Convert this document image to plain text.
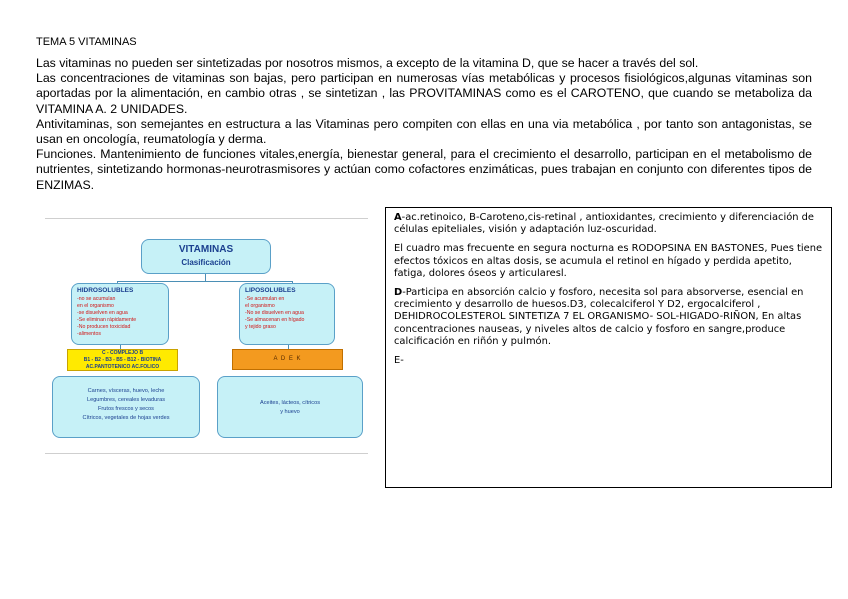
TEMA 5 VITAMINAS

Las vitaminas no pueden ser sintetizadas por nosotros mismos, a excepto de la vitamina D, que se hacer a través del sol.

Las concentraciones de vitaminas son bajas, pero participan en numerosas vías metabólicas y procesos fisiológicos,algunas vitaminas son aportadas por la alimentación, en cambio otras , se sintetizan , las PROVITAMINAS como es el CAROTENO, que cuando se metaboliza da VITAMINA A. 2 UNIDADES.

Antivitaminas, son semejantes en estructura a las Vitaminas pero compiten con ellas en una via metabólica , por tanto son antagonistas, se usan en oncología, reumatología y derma.

Funciones. Mantenimiento de funciones vitales,energía, bienestar general, para el crecimiento el desarrollo, participan en el metabolismo de nutrientes, sintetizando hormonas-neurotrasmisores y actúan como cofactores enzimáticas, pues trabajan en conjunto con diferentes tipos de ENZIMAS.

VITAMINAS
Clasificación
HIDROSOLUBLES
-no se acumulan
en el organismo
-se disuelven en agua
-Se eliminan rápidamente
-No producen toxicidad
-alimentos
LIPOSOLUBLES
-Se acumulan en
el organismo
-No se disuelven en agua
-Se almacenan en hígado
y tejido graso
C - COMPLEJO B
B1 - B2 - B3 - B5 - B12 - BIOTINA
AC.PANTOTENICO AC.FOLICO
A D E K
Carnes, vísceras, huevo, leche
Legumbres, cereales levaduras
Frutos frescos y secos
Cítricos, vegetales de hojas verdes
Aceites, lácteos, cítricos
y huevo

A-ac.retinoico, B-Caroteno,cis-retinal , antioxidantes, crecimiento y diferenciación de células epiteliales, visión y adaptación luz-oscuridad.

El cuadro mas frecuente en segura nocturna es RODOPSINA EN BASTONES, Pues tiene efectos tóxicos en altas dosis, se acumula el retinol en hígado y perdida apetito, fatiga, dolores óseos y articularesl.

D-Participa en absorción calcio y fosforo, necesita sol para absorverse, esencial en crecimiento y desarrollo de huesos.D3, colecalciferol Y D2, ergocalciferol , DEHIDROCOLESTEROL SINTETIZA 7 EL ORGANISMO- SOL-HIGADO-RIÑON, En altas concentraciones nauseas, y niveles altos de calcio y fosforo en sangre,produce calcificación en riñón y pulmón.

E-
